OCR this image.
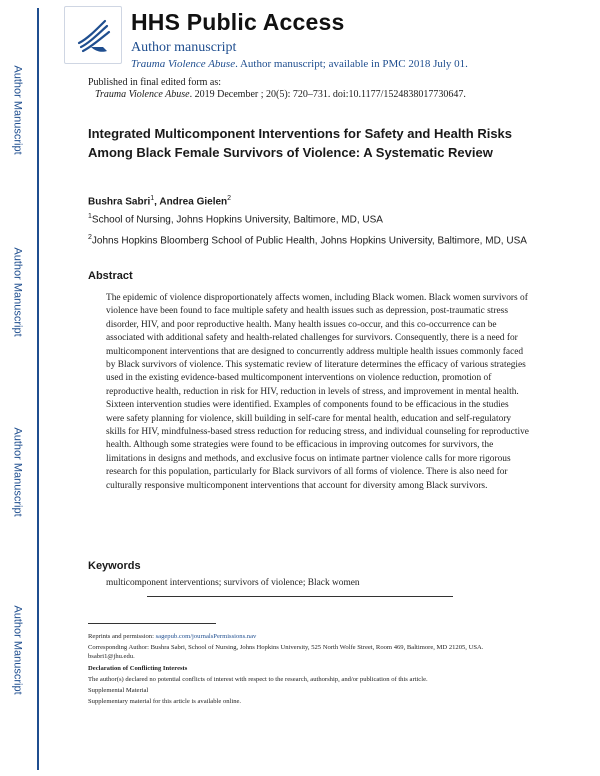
Author Manuscript
Author Manuscript
Author Manuscript
Author Manuscript
HHS Public Access
Author manuscript
Trauma Violence Abuse. Author manuscript; available in PMC 2018 July 01.
Published in final edited form as:
Trauma Violence Abuse. 2019 December ; 20(5): 720–731. doi:10.1177/1524838017730647.
Integrated Multicomponent Interventions for Safety and Health Risks Among Black Female Survivors of Violence: A Systematic Review
Bushra Sabri$^1$, Andrea Gielen$^2$
$^1$School of Nursing, Johns Hopkins University, Baltimore, MD, USA
$^2$Johns Hopkins Bloomberg School of Public Health, Johns Hopkins University, Baltimore, MD, USA
Abstract

The epidemic of violence disproportionately affects women, including Black women. Black women survivors of violence have been found to face multiple safety and health issues such as depression, post-traumatic stress disorder, HIV, and poor reproductive health. Many health issues co-occur, and this co-occurrence can be associated with additional safety and health-related challenges for survivors. Consequently, there is a need for multicomponent interventions that are designed to concurrently address multiple health issues commonly faced by Black survivors of violence. This systematic review of literature determines the efficacy of various strategies used in the existing evidence-based multicomponent interventions on violence reduction, promotion of reproductive health, reduction in risk for HIV, reduction in levels of stress, and improvement in mental health. Sixteen intervention studies were identified. Examples of components found to be efficacious in the studies were safety planning for violence, skill building in self-care for mental health, education and self-regulatory skills for HIV, mindfulness-based stress reduction for reducing stress, and individual counseling for reproductive health. Although some strategies were found to be efficacious in improving outcomes for survivors, the limitations in designs and methods, and exclusive focus on intimate partner violence calls for more rigorous research for this population, particularly for Black survivors of all forms of violence. There is also need for culturally responsive multicomponent interventions that account for diversity among Black survivors.

Keywords
multicomponent interventions; survivors of violence; Black women
Reprints and permission: sagepub.com/journalsPermissions.nav
Corresponding Author: Bushra Sabri, School of Nursing, Johns Hopkins University, 525 North Wolfe Street, Room 469, Baltimore, MD 21205, USA. bsabri1@jhu.edu.
Declaration of Conflicting Interests
The author(s) declared no potential conflicts of interest with respect to the research, authorship, and/or publication of this article.
Supplemental Material
Supplementary material for this article is available online.
